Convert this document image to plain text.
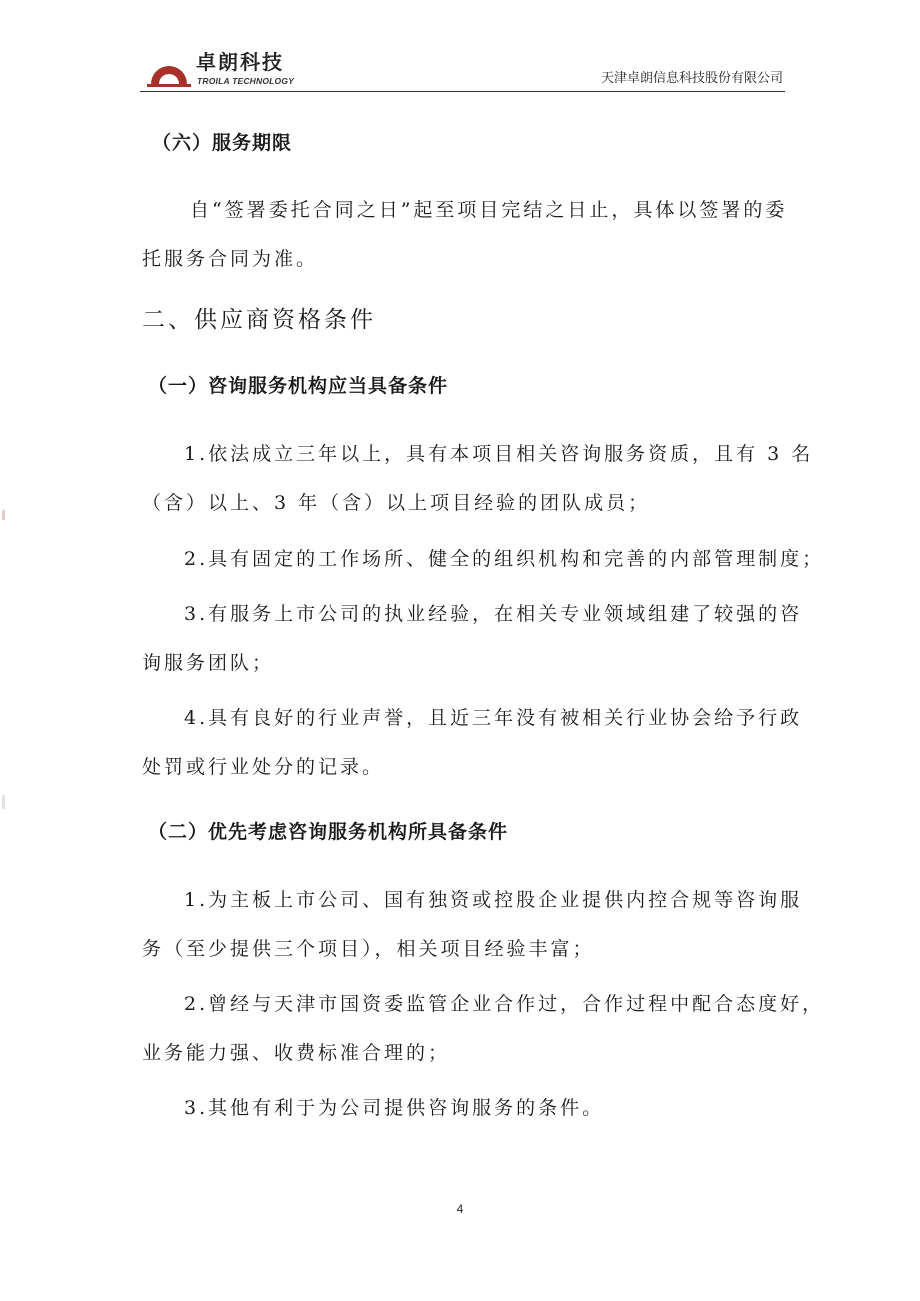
卓朗科技
TROILA TECHNOLOGY	天津卓朗信息科技股份有限公司
（六）服务期限
自“签署委托合同之日”起至项目完结之日止，具体以签署的委
托服务合同为准。
二、供应商资格条件
（一）咨询服务机构应当具备条件
1.依法成立三年以上，具有本项目相关咨询服务资质，且有 3 名
（含）以上、3 年（含）以上项目经验的团队成员；
2.具有固定的工作场所、健全的组织机构和完善的内部管理制度；
3.有服务上市公司的执业经验，在相关专业领域组建了较强的咨
询服务团队；
4.具有良好的行业声誉，且近三年没有被相关行业协会给予行政
处罚或行业处分的记录。
（二）优先考虑咨询服务机构所具备条件
1.为主板上市公司、国有独资或控股企业提供内控合规等咨询服
务（至少提供三个项目），相关项目经验丰富；
2.曾经与天津市国资委监管企业合作过，合作过程中配合态度好，
业务能力强、收费标准合理的；
3.其他有利于为公司提供咨询服务的条件。
4
